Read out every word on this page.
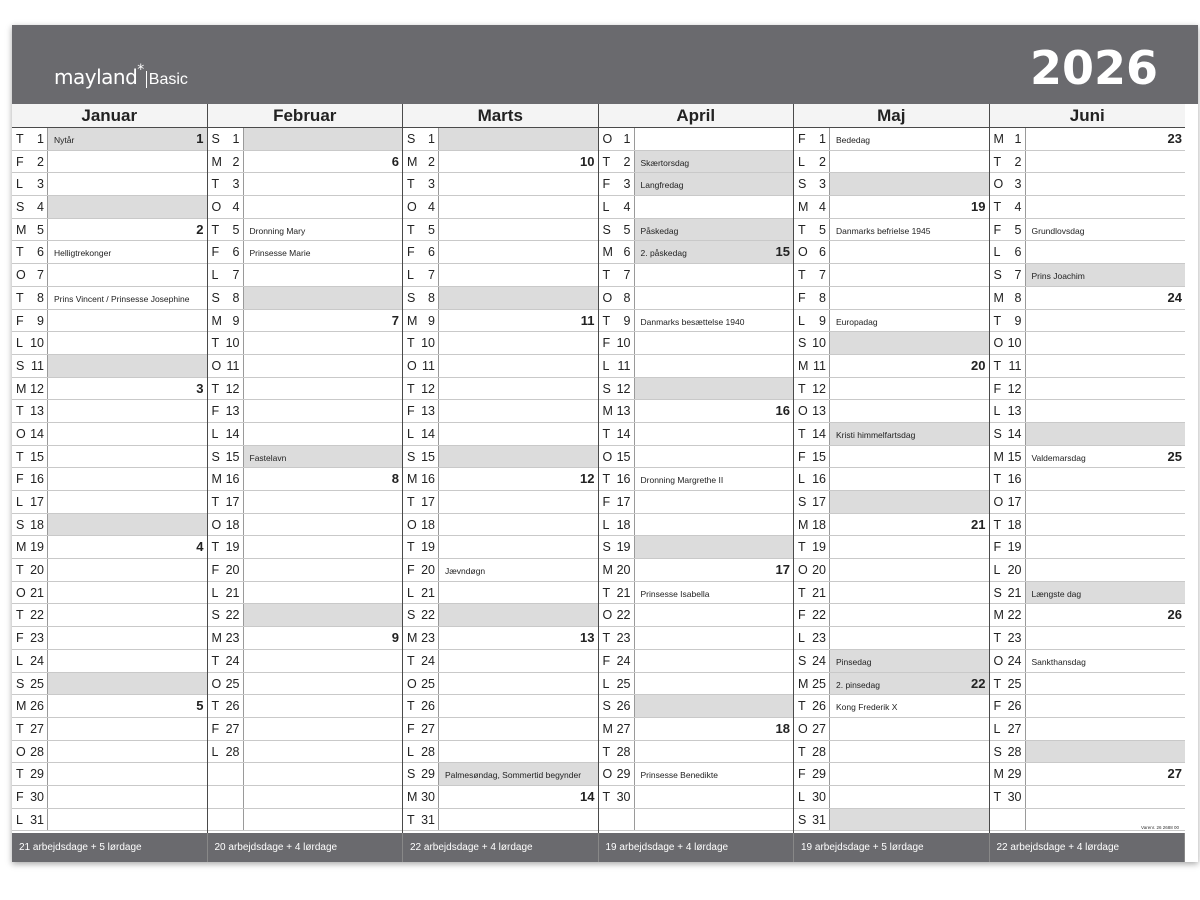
mayland*Basic	2026
Januar
T 1 Nytår	1
F 2
L 3
S 4
M 5	2
T 6 Helligtrekonger
O 7
T 8 Prins Vincent / Prinsesse Josephine
F 9
L 10
S 11
M 12	3
T 13
O 14
T 15
F 16
L 17
S 18
M 19	4
T 20
O 21
T 22
F 23
L 24
S 25
M 26	5
T 27
O 28
T 29
F 30
L 31
21 arbejdsdage + 5 lørdage
Februar
S 1
M 2	6
T 3
O 4
T 5 Dronning Mary
F 6 Prinsesse Marie
L 7
S 8
M 9	7
T 10
O 11
T 12
F 13
L 14
S 15 Fastelavn
M 16	8
T 17
O 18
T 19
F 20
L 21
S 22
M 23	9
T 24
O 25
T 26
F 27
L 28
20 arbejdsdage + 4 lørdage
Marts
S 1
M 2	10
T 3
O 4
T 5
F 6
L 7
S 8
M 9	11
T 10
O 11
T 12
F 13
L 14
S 15
M 16	12
T 17
O 18
T 19
F 20 Jævndøgn
L 21
S 22
M 23	13
T 24
O 25
T 26
F 27
L 28
S 29 Palmesøndag, Sommertid begynder
M 30	14
T 31
22 arbejdsdage + 4 lørdage
April
O 1
T 2 Skærtorsdag
F 3 Langfredag
L 4
S 5 Påskedag
M 6 2. påskedag	15
T 7
O 8
T 9 Danmarks besættelse 1940
F 10
L 11
S 12
M 13	16
T 14
O 15
T 16 Dronning Margrethe II
F 17
L 18
S 19
M 20	17
T 21 Prinsesse Isabella
O 22
T 23
F 24
L 25
S 26
M 27	18
T 28
O 29 Prinsesse Benedikte
T 30
19 arbejdsdage + 4 lørdage
Maj
F 1 Bededag
L 2
S 3
M 4	19
T 5 Danmarks befrielse 1945
O 6
T 7
F 8
L 9 Europadag
S 10
M 11	20
T 12
O 13
T 14 Kristi himmelfartsdag
F 15
L 16
S 17
M 18	21
T 19
O 20
T 21
F 22
L 23
S 24 Pinsedag
M 25 2. pinsedag	22
T 26 Kong Frederik X
O 27
T 28
F 29
L 30
S 31
19 arbejdsdage + 5 lørdage
Juni
M 1	23
T 2
O 3
T 4
F 5 Grundlovsdag
L 6
S 7 Prins Joachim
M 8	24
T 9
O 10
T 11
F 12
L 13
S 14
M 15 Valdemarsdag	25
T 16
O 17
T 18
F 19
L 20
S 21 Længste dag
M 22	26
T 23
O 24 Sankthansdag
T 25
F 26
L 27
S 28
M 29	27
T 30
22 arbejdsdage + 4 lørdage
Varenr. 26 2688 00
